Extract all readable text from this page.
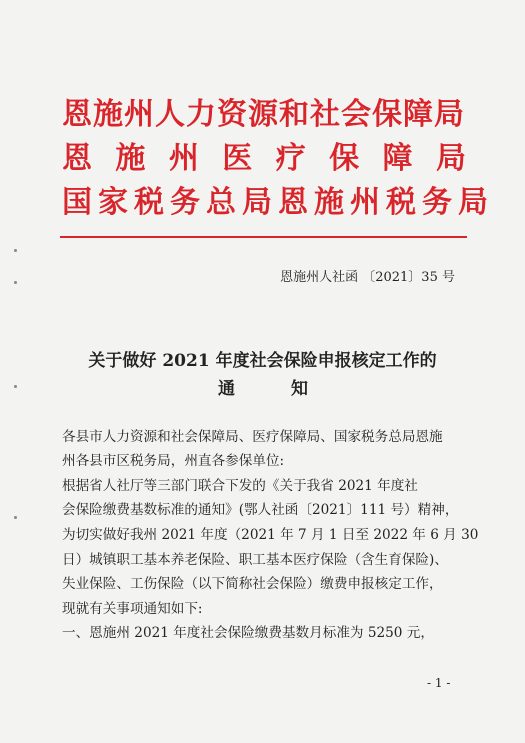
恩施州人力资源和社会保障局
恩 施 州 医 疗 保 障 局
国家税务总局恩施州税务局
恩施州人社函 〔2021〕35 号
关于做好 2021 年度社会保险申报核定工作的
通	知
各县市人力资源和社会保障局、医疗保障局、国家税务总局恩施
州各县市区税务局，州直各参保单位:
根据省人社厅等三部门联合下发的《关于我省 2021 年度社
会保险缴费基数标准的通知》(鄂人社函〔2021〕111 号）精神，
为切实做好我州 2021 年度（2021 年 7 月 1 日至 2022 年 6 月 30
日）城镇职工基本养老保险、职工基本医疗保险（含生育保险)、
失业保险、工伤保险（以下简称社会保险）缴费申报核定工作，
现就有关事项通知如下:
一、恩施州 2021 年度社会保险缴费基数月标准为 5250 元，
- 1 -
